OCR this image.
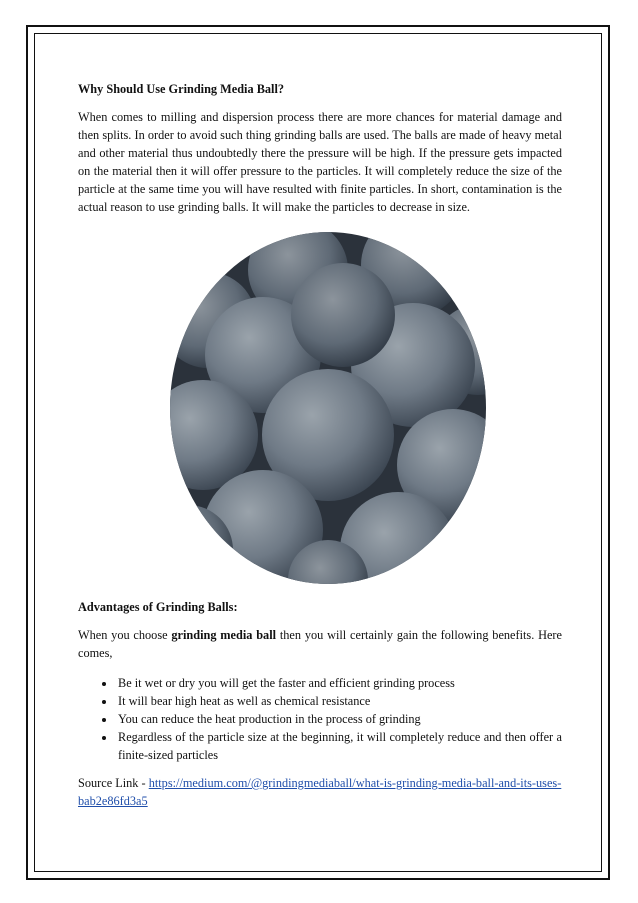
Why Should Use Grinding Media Ball?

When comes to milling and dispersion process there are more chances for material damage and then splits. In order to avoid such thing grinding balls are used. The balls are made of heavy metal and other material thus undoubtedly there the pressure will be high. If the pressure gets impacted on the material then it will offer pressure to the particles. It will completely reduce the size of the particle at the same time you will have resulted with finite particles. In short, contamination is the actual reason to use grinding balls. It will make the particles to decrease in size.

Advantages of Grinding Balls:

When you choose grinding media ball then you will certainly gain the following benefits. Here comes,

• Be it wet or dry you will get the faster and efficient grinding process
• It will bear high heat as well as chemical resistance
• You can reduce the heat production in the process of grinding
• Regardless of the particle size at the beginning, it will completely reduce and then offer a finite-sized particles

Source Link - https://medium.com/@grindingmediaball/what-is-grinding-media-ball-and-its-uses-bab2e86fd3a5
